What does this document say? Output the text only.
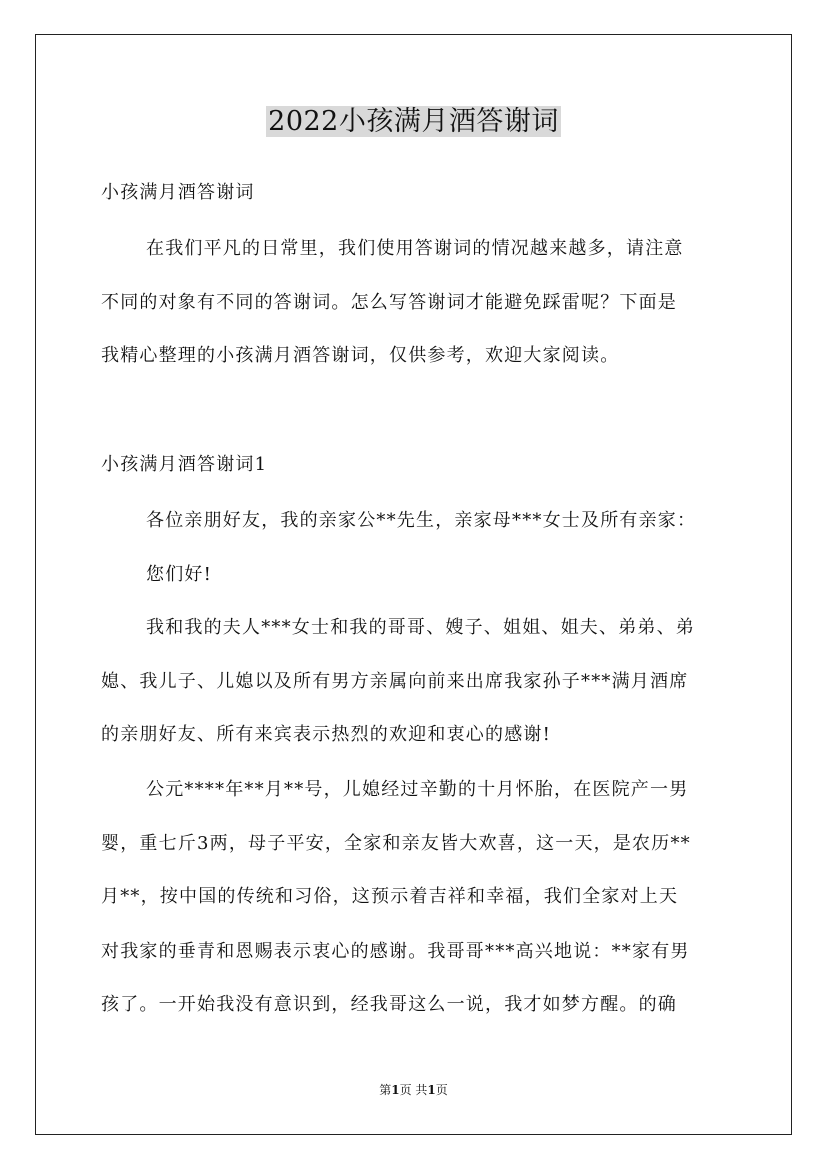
2022小孩满月酒答谢词
小孩满月酒答谢词
在我们平凡的日常里，我们使用答谢词的情况越来越多，请注意
不同的对象有不同的答谢词。怎么写答谢词才能避免踩雷呢？下面是
我精心整理的小孩满月酒答谢词，仅供参考，欢迎大家阅读。
小孩满月酒答谢词1
各位亲朋好友，我的亲家公**先生，亲家母***女士及所有亲家：
您们好!
我和我的夫人***女士和我的哥哥、嫂子、姐姐、姐夫、弟弟、弟
媳、我儿子、儿媳以及所有男方亲属向前来出席我家孙子***满月酒席
的亲朋好友、所有来宾表示热烈的欢迎和衷心的感谢!
公元****年**月**号，儿媳经过辛勤的十月怀胎，在医院产一男
婴，重七斤3两，母子平安，全家和亲友皆大欢喜，这一天，是农历**
月**，按中国的传统和习俗，这预示着吉祥和幸福，我们全家对上天
对我家的垂青和恩赐表示衷心的感谢。我哥哥***高兴地说：**家有男
孩了。一开始我没有意识到，经我哥这么一说，我才如梦方醒。的确
第1页 共1页
